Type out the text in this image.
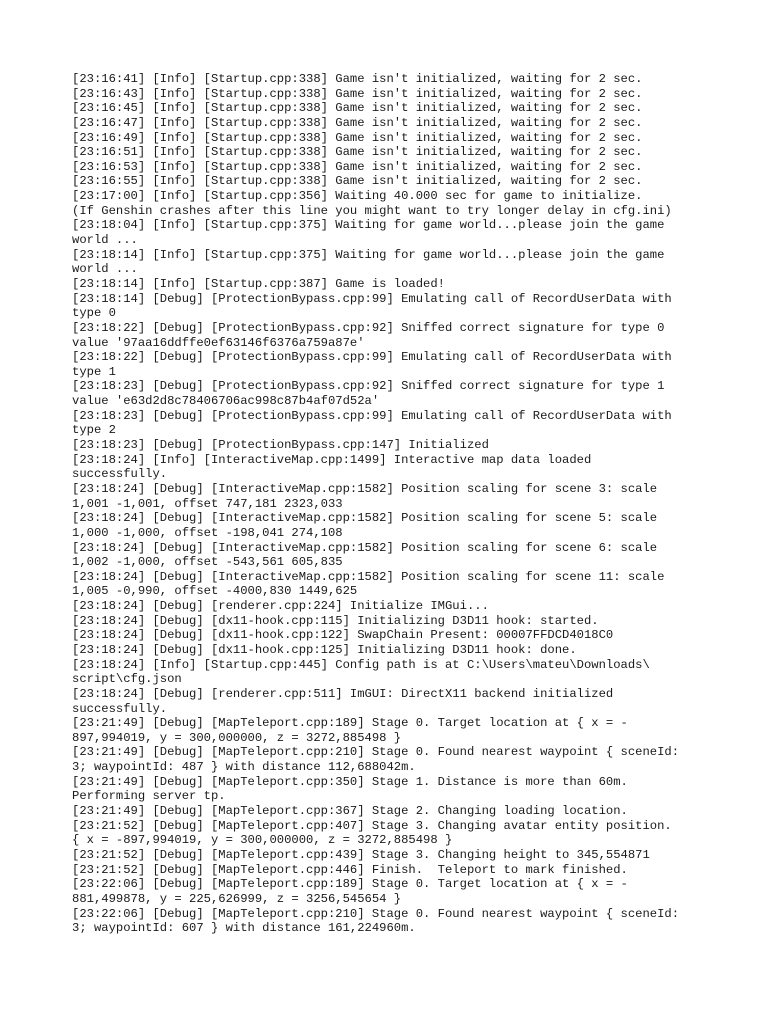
[23:16:41] [Info] [Startup.cpp:338] Game isn't initialized, waiting for 2 sec.
[23:16:43] [Info] [Startup.cpp:338] Game isn't initialized, waiting for 2 sec.
[23:16:45] [Info] [Startup.cpp:338] Game isn't initialized, waiting for 2 sec.
[23:16:47] [Info] [Startup.cpp:338] Game isn't initialized, waiting for 2 sec.
[23:16:49] [Info] [Startup.cpp:338] Game isn't initialized, waiting for 2 sec.
[23:16:51] [Info] [Startup.cpp:338] Game isn't initialized, waiting for 2 sec.
[23:16:53] [Info] [Startup.cpp:338] Game isn't initialized, waiting for 2 sec.
[23:16:55] [Info] [Startup.cpp:338] Game isn't initialized, waiting for 2 sec.
[23:17:00] [Info] [Startup.cpp:356] Waiting 40.000 sec for game to initialize.
(If Genshin crashes after this line you might want to try longer delay in cfg.ini)
[23:18:04] [Info] [Startup.cpp:375] Waiting for game world...please join the game
world ...
[23:18:14] [Info] [Startup.cpp:375] Waiting for game world...please join the game
world ...
[23:18:14] [Info] [Startup.cpp:387] Game is loaded!
[23:18:14] [Debug] [ProtectionBypass.cpp:99] Emulating call of RecordUserData with
type 0
[23:18:22] [Debug] [ProtectionBypass.cpp:92] Sniffed correct signature for type 0
value '97aa16ddffe0ef63146f6376a759a87e'
[23:18:22] [Debug] [ProtectionBypass.cpp:99] Emulating call of RecordUserData with
type 1
[23:18:23] [Debug] [ProtectionBypass.cpp:92] Sniffed correct signature for type 1
value 'e63d2d8c78406706ac998c87b4af07d52a'
[23:18:23] [Debug] [ProtectionBypass.cpp:99] Emulating call of RecordUserData with
type 2
[23:18:23] [Debug] [ProtectionBypass.cpp:147] Initialized
[23:18:24] [Info] [InteractiveMap.cpp:1499] Interactive map data loaded
successfully.
[23:18:24] [Debug] [InteractiveMap.cpp:1582] Position scaling for scene 3: scale
1,001 -1,001, offset 747,181 2323,033
[23:18:24] [Debug] [InteractiveMap.cpp:1582] Position scaling for scene 5: scale
1,000 -1,000, offset -198,041 274,108
[23:18:24] [Debug] [InteractiveMap.cpp:1582] Position scaling for scene 6: scale
1,002 -1,000, offset -543,561 605,835
[23:18:24] [Debug] [InteractiveMap.cpp:1582] Position scaling for scene 11: scale
1,005 -0,990, offset -4000,830 1449,625
[23:18:24] [Debug] [renderer.cpp:224] Initialize IMGui...
[23:18:24] [Debug] [dx11-hook.cpp:115] Initializing D3D11 hook: started.
[23:18:24] [Debug] [dx11-hook.cpp:122] SwapChain Present: 00007FFDCD4018C0
[23:18:24] [Debug] [dx11-hook.cpp:125] Initializing D3D11 hook: done.
[23:18:24] [Info] [Startup.cpp:445] Config path is at C:\Users\mateu\Downloads\
script\cfg.json
[23:18:24] [Debug] [renderer.cpp:511] ImGUI: DirectX11 backend initialized
successfully.
[23:21:49] [Debug] [MapTeleport.cpp:189] Stage 0. Target location at { x = -
897,994019, y = 300,000000, z = 3272,885498 }
[23:21:49] [Debug] [MapTeleport.cpp:210] Stage 0. Found nearest waypoint { sceneId:
3; waypointId: 487 } with distance 112,688042m.
[23:21:49] [Debug] [MapTeleport.cpp:350] Stage 1. Distance is more than 60m.
Performing server tp.
[23:21:49] [Debug] [MapTeleport.cpp:367] Stage 2. Changing loading location.
[23:21:52] [Debug] [MapTeleport.cpp:407] Stage 3. Changing avatar entity position.
{ x = -897,994019, y = 300,000000, z = 3272,885498 }
[23:21:52] [Debug] [MapTeleport.cpp:439] Stage 3. Changing height to 345,554871
[23:21:52] [Debug] [MapTeleport.cpp:446] Finish.  Teleport to mark finished.
[23:22:06] [Debug] [MapTeleport.cpp:189] Stage 0. Target location at { x = -
881,499878, y = 225,626999, z = 3256,545654 }
[23:22:06] [Debug] [MapTeleport.cpp:210] Stage 0. Found nearest waypoint { sceneId:
3; waypointId: 607 } with distance 161,224960m.
